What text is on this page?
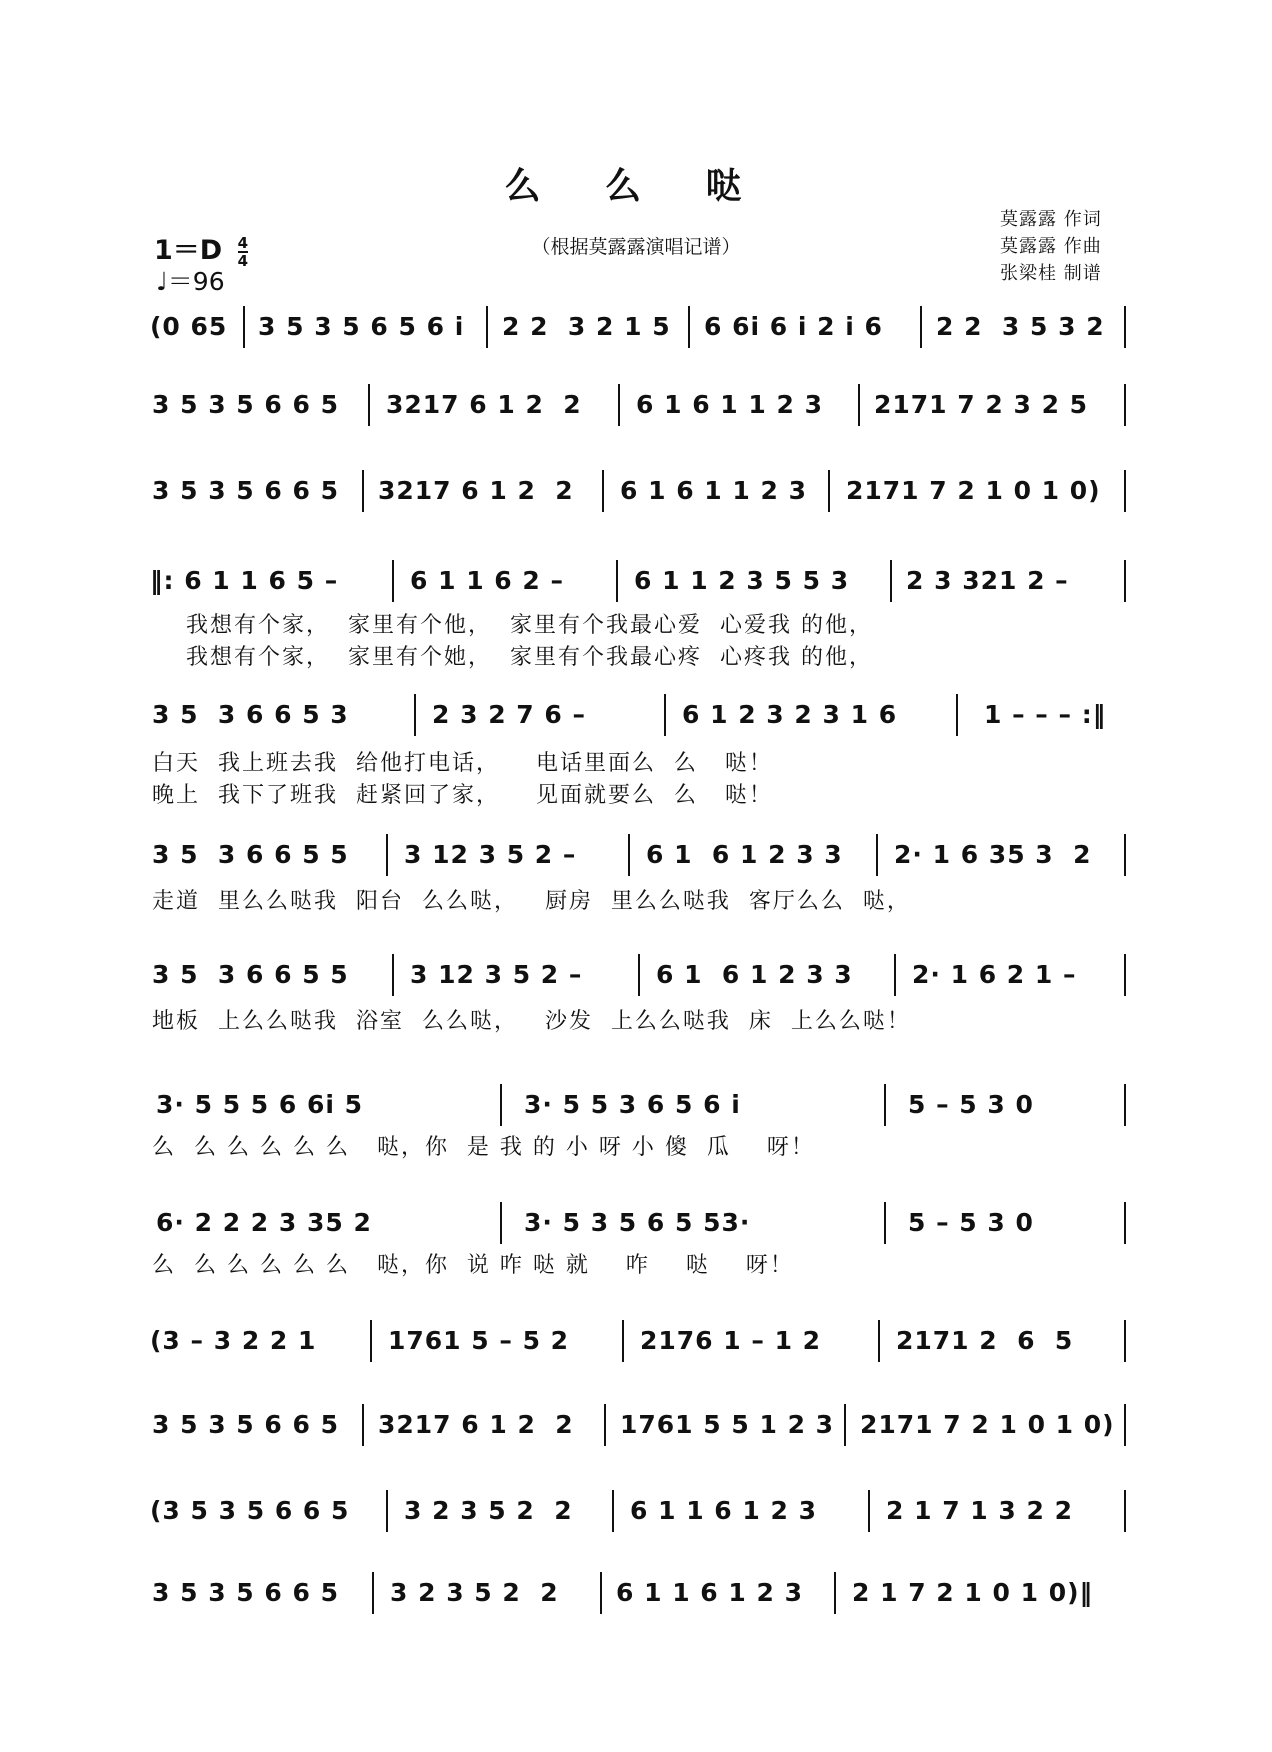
么 么 哒
（根据莫露露演唱记谱）
$1=D \frac{4}{4}$
♩＝96
莫露露 作词
莫露露 作曲
张梁桂 制谱
(0 65 3 5 3 5 6 5 6 i 2 2  3 2 1 5 6 6i 6 i 2 i 6 2 2  3 5 3 2
3 5 3 5 6 6 5 3217 6 1 2  2 6 1 6 1 1 2 3 2171 7 2 3 2 5
3 5 3 5 6 6 5 3217 6 1 2  2 6 1 6 1 1 2 3 2171 7 2 1 0 1 0)
‖: 6 1 1 6 5 –	6 1 1 6 2 –	6 1 1 2 3 5 5 3 2 3 321 2 –
我想有个家，  家里有个他，  家里有个我最心爱  心爱我 的他，
我想有个家，  家里有个她，  家里有个我最心疼  心疼我 的他，
3 5  3 6 6 5 3	2 3 2 7 6 –	6 1 2 3 2 3 1 6	1 – – – :‖
白天  我上班去我  给他打电话，    电话里面么  么   哒！
晚上  我下了班我  赶紧回了家，    见面就要么  么   哒！
3 5  3 6 6 5 5 3 12 3 5 2 –	6 1  6 1 2 3 3 2· 1 6 35 3  2
走道  里么么哒我  阳台  么么哒，   厨房  里么么哒我  客厅么么  哒，
3 5  3 6 6 5 5 3 12 3 5 2 –	6 1  6 1 2 3 3 2· 1 6 2 1 –
地板  上么么哒我  浴室  么么哒，   沙发  上么么哒我  床  上么么哒！
3· 5 5 5 6 6i 5	3· 5 5 3 6 5 6 i	5 – 5 3 0
么  么 么 么 么 么   哒，你  是 我 的 小 呀 小 傻  瓜    呀！
6· 2 2 2 3 35 2	3· 5 3 5 6 5 53·	5 – 5 3 0
么  么 么 么 么 么   哒，你  说 咋 哒 就    咋    哒    呀！
(3 – 3 2 2 1	1761 5 – 5 2	2176 1 – 1 2	2171 2  6  5
3 5 3 5 6 6 5 3217 6 1 2  2 1761 5 5 1 2 3 2171 7 2 1 0 1 0)
(3 5 3 5 6 6 5 3 2 3 5 2  2 6 1 1 6 1 2 3	2 1 7 1 3 2 2
3 5 3 5 6 6 5 3 2 3 5 2  2 6 1 1 6 1 2 3 2 1 7 2 1 0 1 0)‖
